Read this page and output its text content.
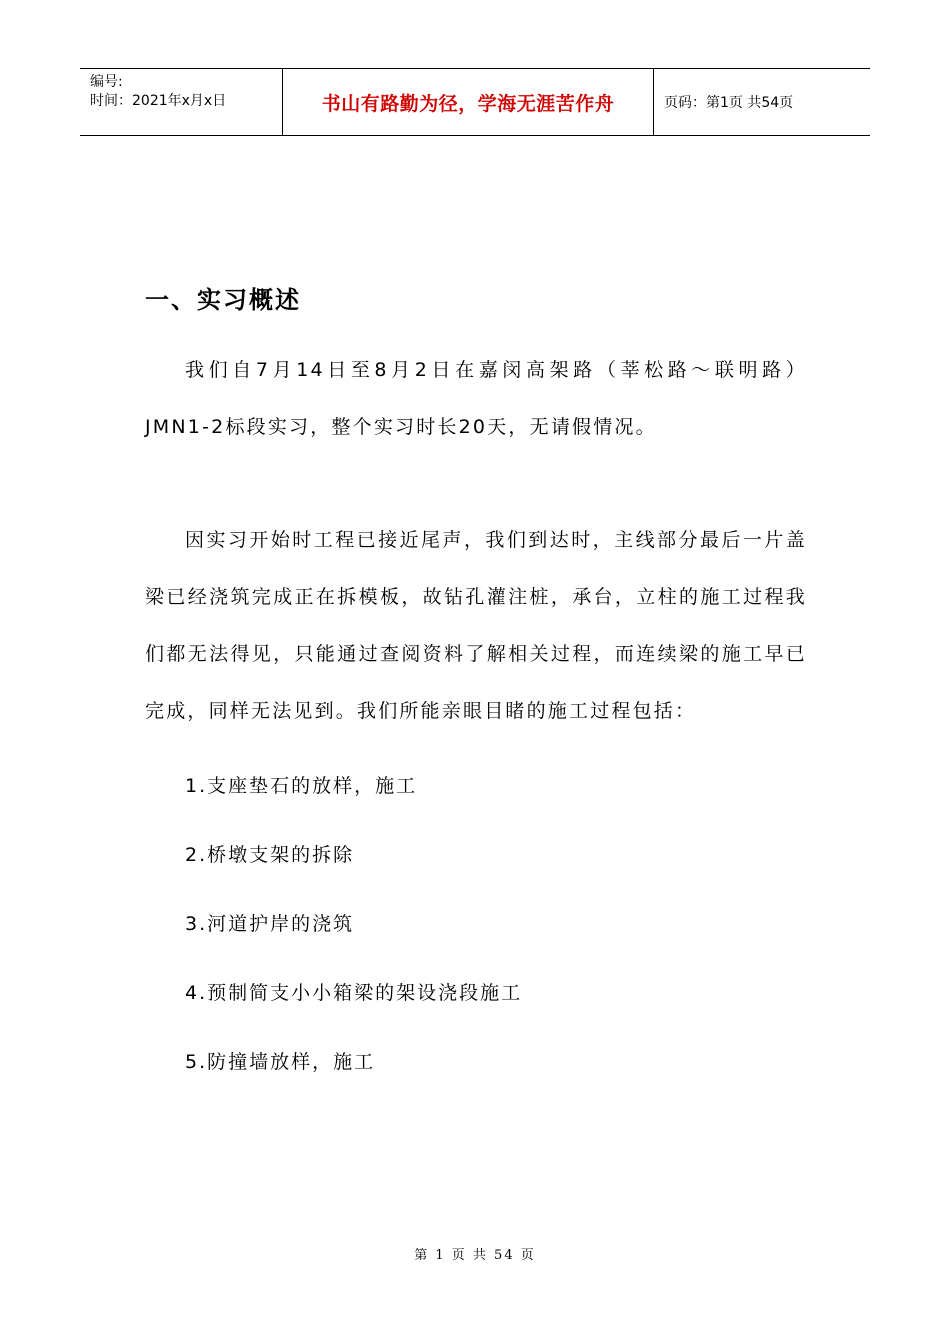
编号:
时间：2021年x月x日	书山有路勤为径，学海无涯苦作舟	页码：第1页 共54页
一、实习概述

我们自7月14日至8月2日在嘉闵高架路（莘松路～联明路）JMN1-2标段实习，整个实习时长20天，无请假情况。

因实习开始时工程已接近尾声，我们到达时，主线部分最后一片盖梁已经浇筑完成正在拆模板，故钻孔灌注桩，承台，立柱的施工过程我们都无法得见，只能通过查阅资料了解相关过程，而连续梁的施工早已完成，同样无法见到。我们所能亲眼目睹的施工过程包括：

1.支座垫石的放样，施工
2.桥墩支架的拆除
3.河道护岸的浇筑
4.预制简支小小箱梁的架设浇段施工
5.防撞墙放样，施工
第 1 页 共 54 页
